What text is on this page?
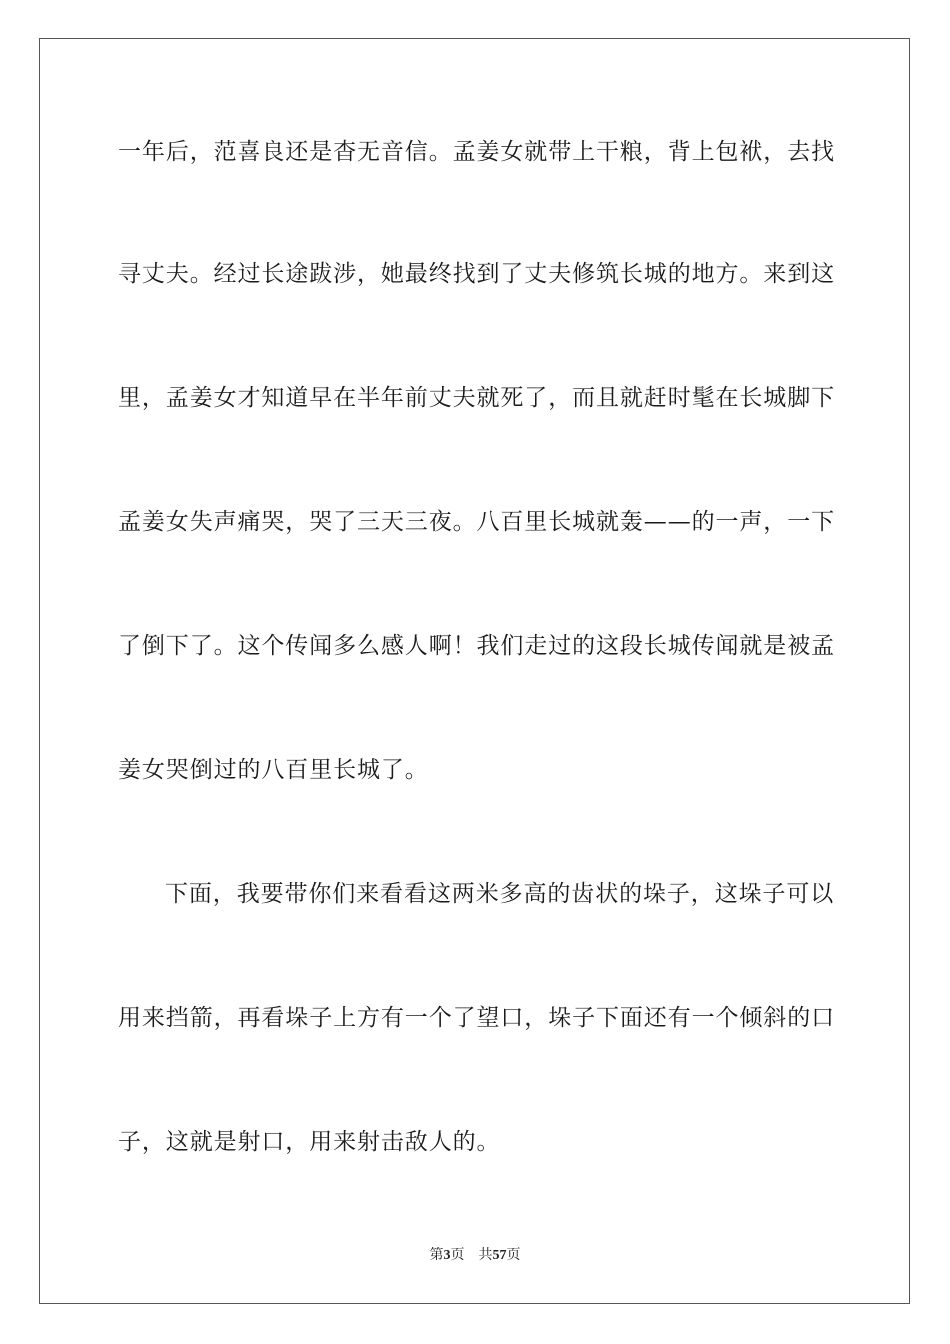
一年后，范喜良还是杳无音信。孟姜女就带上干粮，背上包袱，去找
寻丈夫。经过长途跋涉，她最终找到了丈夫修筑长城的地方。来到这
里，孟姜女才知道早在半年前丈夫就死了，而且就赶时髦在长城脚下
孟姜女失声痛哭，哭了三天三夜。八百里长城就轰——的一声，一下
了倒下了。这个传闻多么感人啊！我们走过的这段长城传闻就是被孟
姜女哭倒过的八百里长城了。
下面，我要带你们来看看这两米多高的齿状的垛子，这垛子可以
用来挡箭，再看垛子上方有一个了望口，垛子下面还有一个倾斜的口
子，这就是射口，用来射击敌人的。
第3页 共57页
